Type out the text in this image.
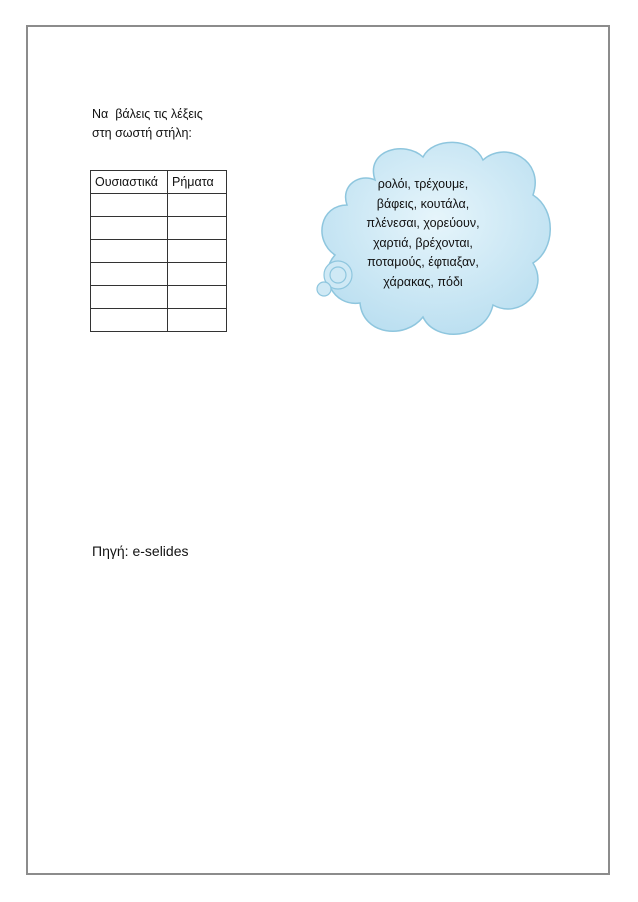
Να  βάλεις τις λέξεις
στη σωστή στήλη:
Ουσιαστικά	Ρήματα

		ρολόι, τρέχουμε,
βάφεις, κουτάλα,
πλένεσαι, χορεύουν,
χαρτιά, βρέχονται,
ποταμούς, έφτιαξαν,
χάρακας, πόδι
Πηγή: e-selides
